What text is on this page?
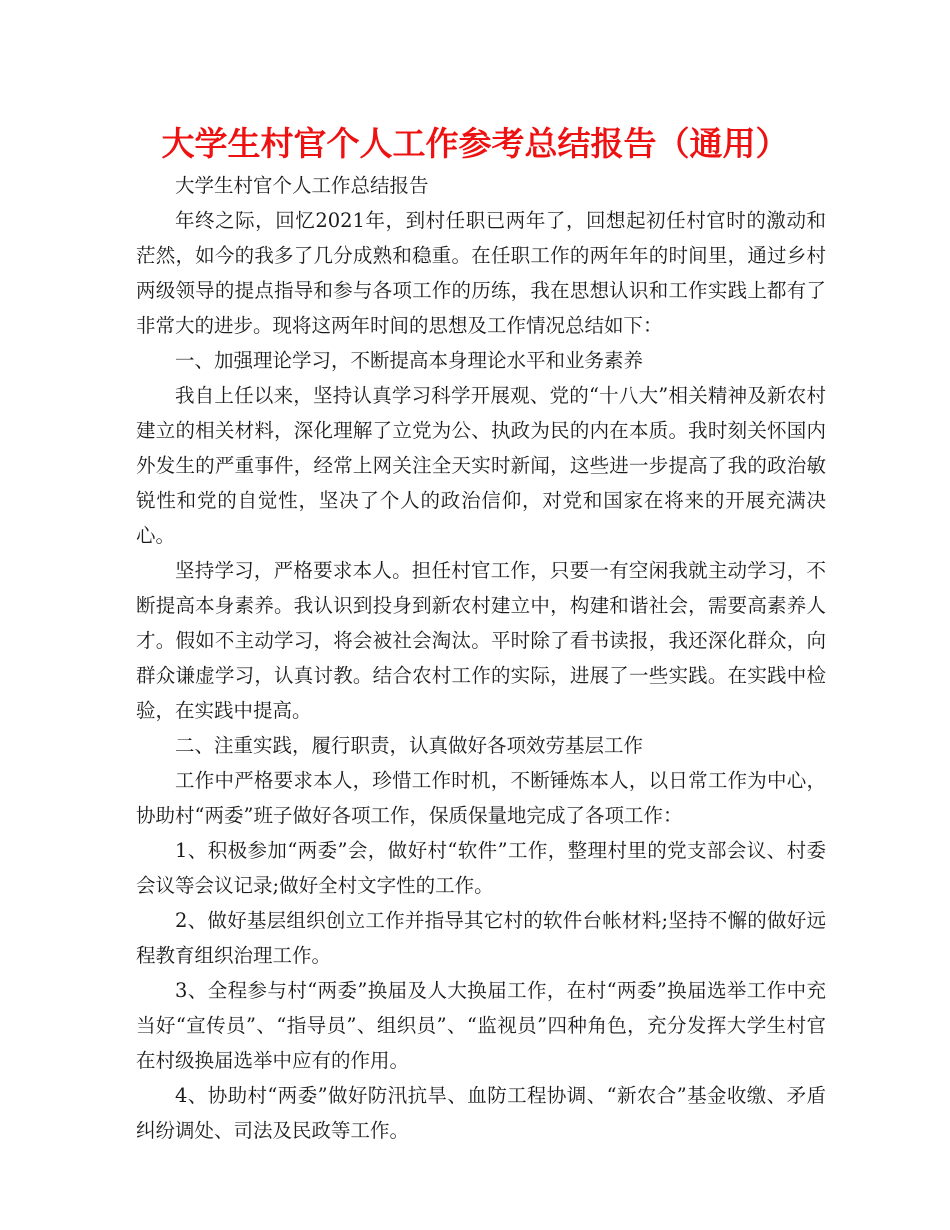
大学生村官个人工作参考总结报告（通用）

大学生村官个人工作总结报告

年终之际，回忆2021年，到村任职已两年了，回想起初任村官时的激动和茫然，如今的我多了几分成熟和稳重。在任职工作的两年年的时间里，通过乡村两级领导的提点指导和参与各项工作的历练，我在思想认识和工作实践上都有了非常大的进步。现将这两年时间的思想及工作情况总结如下：

一、加强理论学习，不断提高本身理论水平和业务素养

我自上任以来，坚持认真学习科学开展观、党的“十八大”相关精神及新农村建立的相关材料，深化理解了立党为公、执政为民的内在本质。我时刻关怀国内外发生的严重事件，经常上网关注全天实时新闻，这些进一步提高了我的政治敏锐性和党的自觉性，坚决了个人的政治信仰，对党和国家在将来的开展充满决心。

坚持学习，严格要求本人。担任村官工作，只要一有空闲我就主动学习，不断提高本身素养。我认识到投身到新农村建立中，构建和谐社会，需要高素养人才。假如不主动学习，将会被社会淘汰。平时除了看书读报，我还深化群众，向群众谦虚学习，认真讨教。结合农村工作的实际，进展了一些实践。在实践中检验，在实践中提高。

二、注重实践，履行职责，认真做好各项效劳基层工作

工作中严格要求本人，珍惜工作时机，不断锤炼本人，以日常工作为中心，协助村“两委”班子做好各项工作，保质保量地完成了各项工作：

1、积极参加“两委”会，做好村“软件”工作，整理村里的党支部会议、村委会议等会议记录;做好全村文字性的工作。

2、做好基层组织创立工作并指导其它村的软件台帐材料;坚持不懈的做好远程教育组织治理工作。

3、全程参与村“两委”换届及人大换届工作，在村“两委”换届选举工作中充当好“宣传员”、“指导员”、组织员”、“监视员”四种角色，充分发挥大学生村官在村级换届选举中应有的作用。

4、协助村“两委”做好防汛抗旱、血防工程协调、“新农合”基金收缴、矛盾纠纷调处、司法及民政等工作。
